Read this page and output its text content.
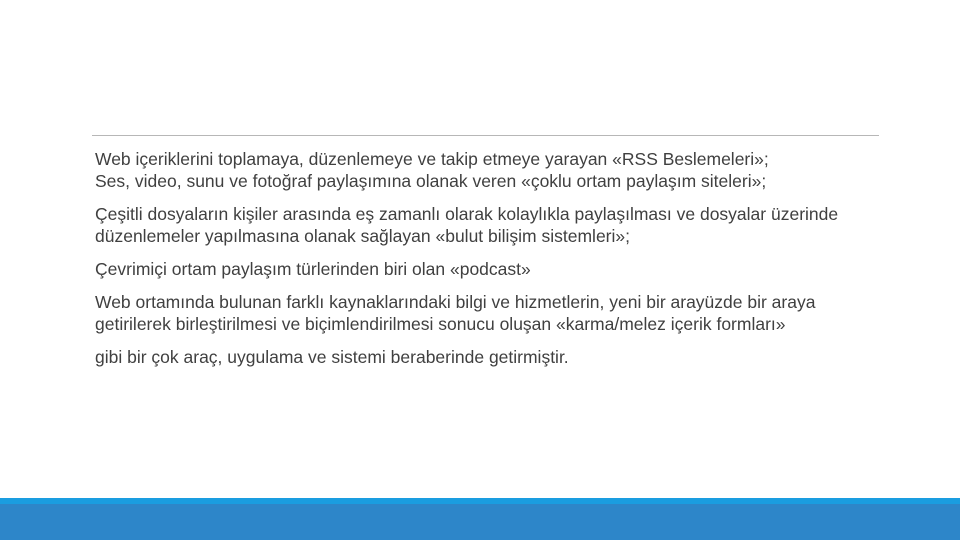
Web içeriklerini toplamaya, düzenlemeye ve takip etmeye yarayan «RSS Beslemeleri»;

Ses, video, sunu ve fotoğraf paylaşımına olanak veren «çoklu ortam paylaşım siteleri»;

Çeşitli dosyaların kişiler arasında eş zamanlı olarak kolaylıkla paylaşılması ve dosyalar üzerinde düzenlemeler yapılmasına olanak sağlayan «bulut bilişim sistemleri»;

Çevrimiçi ortam paylaşım türlerinden biri olan «podcast»

Web ortamında bulunan farklı kaynaklarındaki bilgi ve hizmetlerin, yeni bir arayüzde bir araya getirilerek birleştirilmesi ve biçimlendirilmesi sonucu oluşan «karma/melez içerik formları»

gibi bir çok araç, uygulama ve sistemi beraberinde getirmiştir.
